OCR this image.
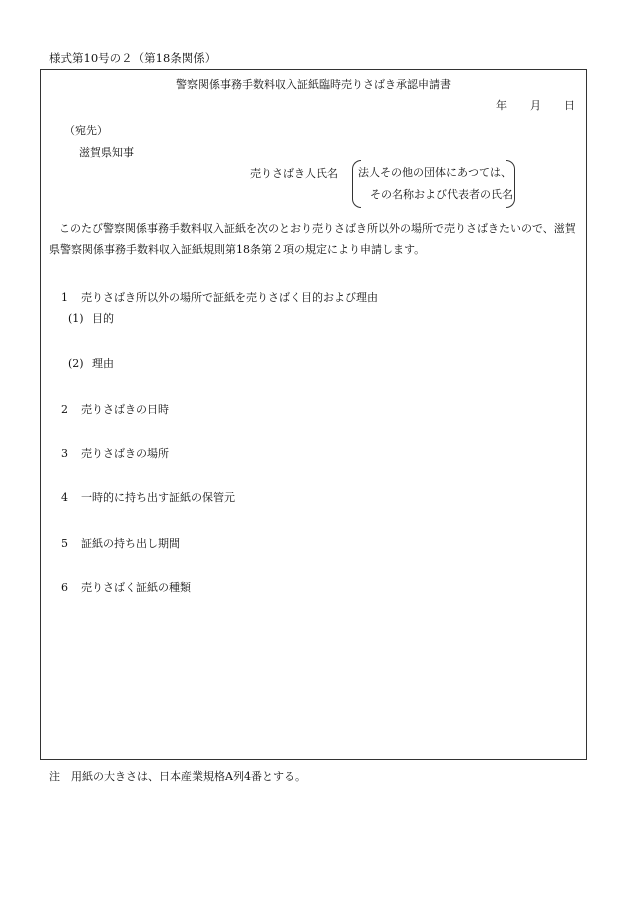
様式第10号の２（第18条関係）
警察関係事務手数料収入証紙臨時売りさばき承認申請書
年 月 日
（宛先）
滋賀県知事
売りさばき人氏名 法人その他の団体にあつては、
その名称および代表者の氏名
このたび警察関係事務手数料収入証紙を次のとおり売りさばき所以外の場所で売りさばきたいので、滋賀県警察関係事務手数料収入証紙規則第18条第２項の規定により申請します。
1 売りさばき所以外の場所で証紙を売りさばく目的および理由
(1) 目的
(2) 理由
2 売りさばきの日時
3 売りさばきの場所
4 一時的に持ち出す証紙の保管元
5 証紙の持ち出し期間
6 売りさばく証紙の種類
注　用紙の大きさは、日本産業規格A列4番とする。
